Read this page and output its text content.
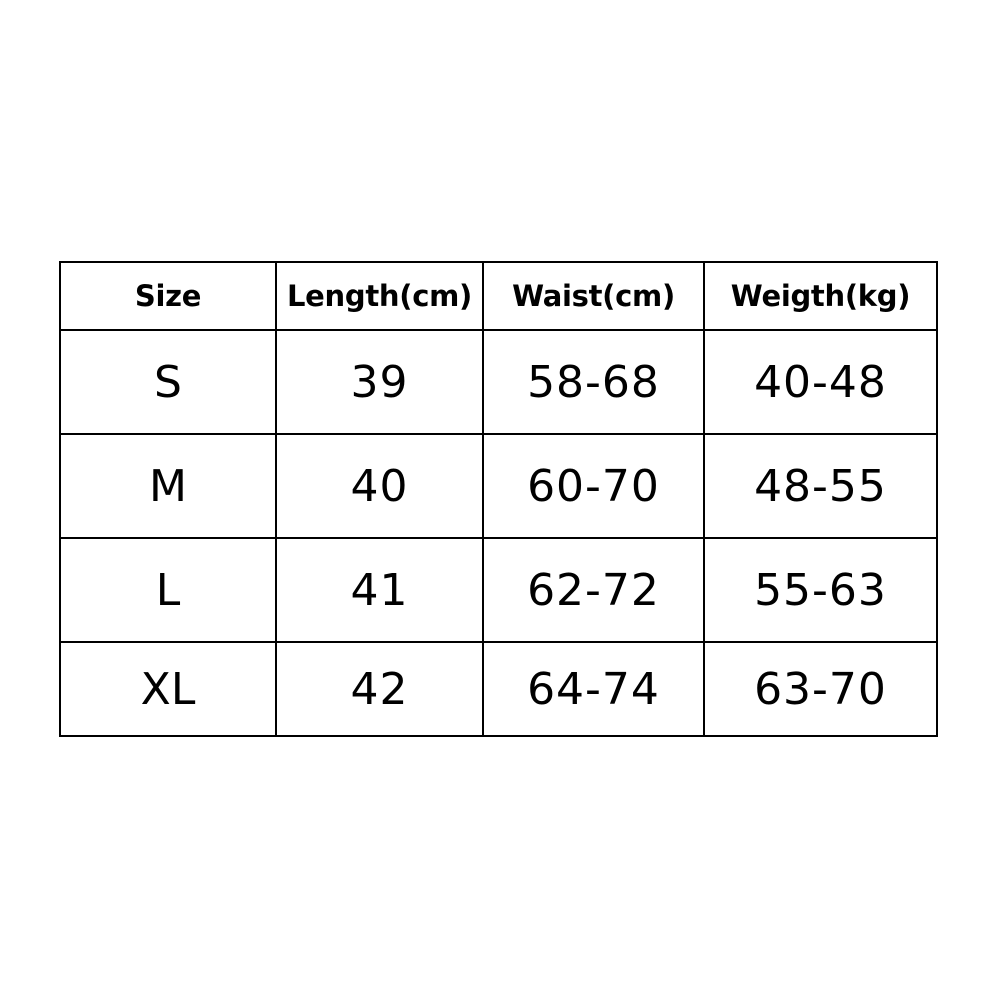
Size	Length(cm)	Waist(cm)	Weigth(kg)
S	39	58-68	40-48
M	40	60-70	48-55
L	41	62-72	55-63
XL	42	64-74	63-70
